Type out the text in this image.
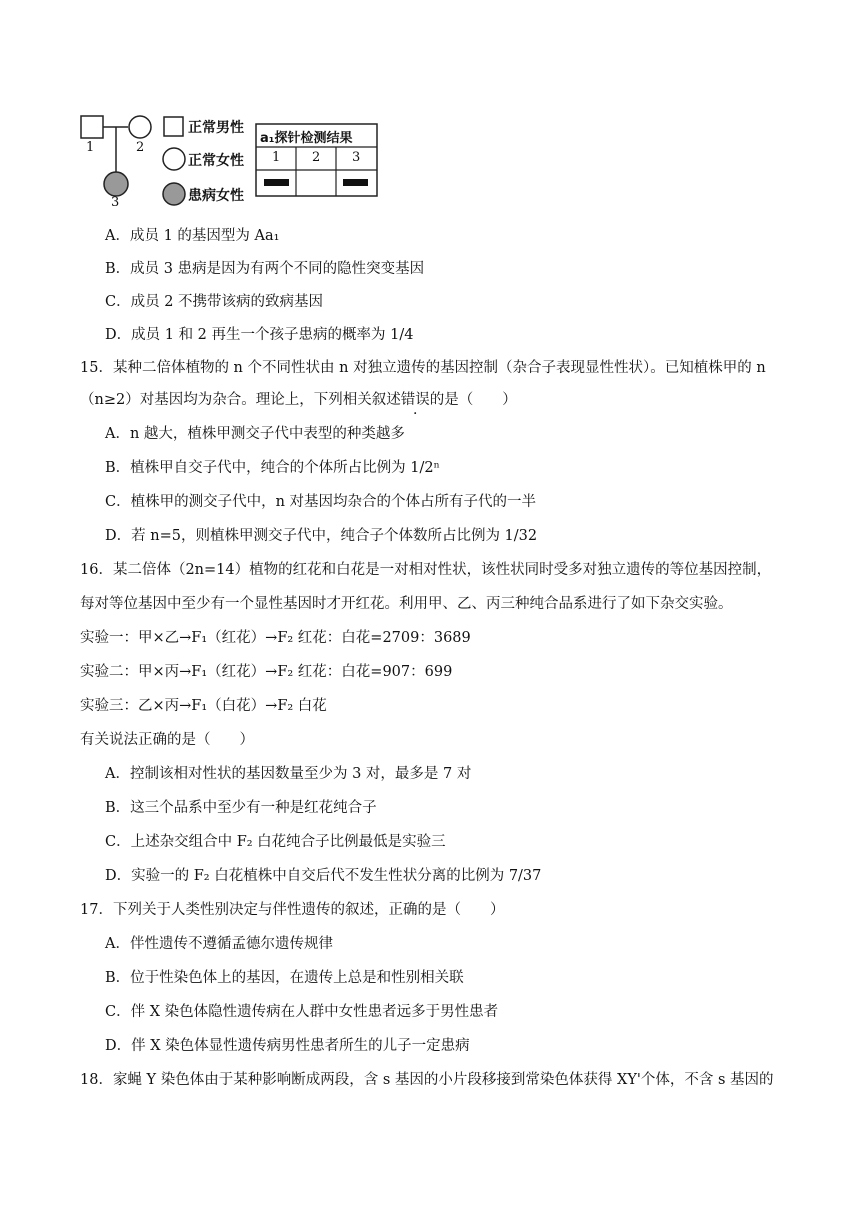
1	2
3
正常男性
正常女性
患病女性
a₁探针检测结果
1 2 3
A．成员 1 的基因型为 Aa₁
B．成员 3 患病是因为有两个不同的隐性突变基因
C．成员 2 不携带该病的致病基因
D．成员 1 和 2 再生一个孩子患病的概率为 1/4
15．某种二倍体植物的 n 个不同性状由 n 对独立遗传的基因控制（杂合子表现显性性状）。已知植株甲的 n
（n≥2）对基因均为杂合。理论上，下列相关叙述错误的是（　　）
A．n 越大，植株甲测交子代中表型的种类越多
B．植株甲自交子代中，纯合的个体所占比例为 1/2ⁿ
C．植株甲的测交子代中，n 对基因均杂合的个体占所有子代的一半
D．若 n=5，则植株甲测交子代中，纯合子个体数所占比例为 1/32
16．某二倍体（2n=14）植物的红花和白花是一对相对性状，该性状同时受多对独立遗传的等位基因控制，
每对等位基因中至少有一个显性基因时才开红花。利用甲、乙、丙三种纯合品系进行了如下杂交实验。
实验一：甲×乙→F₁（红花）→F₂ 红花：白花=2709：3689
实验二：甲×丙→F₁（红花）→F₂ 红花：白花=907：699
实验三：乙×丙→F₁（白花）→F₂ 白花
有关说法正确的是（　　）
A．控制该相对性状的基因数量至少为 3 对，最多是 7 对
B．这三个品系中至少有一种是红花纯合子
C．上述杂交组合中 F₂ 白花纯合子比例最低是实验三
D．实验一的 F₂ 白花植株中自交后代不发生性状分离的比例为 7/37
17．下列关于人类性别决定与伴性遗传的叙述，正确的是（　　）
A．伴性遗传不遵循孟德尔遗传规律
B．位于性染色体上的基因，在遗传上总是和性别相关联
C．伴 X 染色体隐性遗传病在人群中女性患者远多于男性患者
D．伴 X 染色体显性遗传病男性患者所生的儿子一定患病
18．家蝇 Y 染色体由于某种影响断成两段，含 s 基因的小片段移接到常染色体获得 XY'个体，不含 s 基因的
